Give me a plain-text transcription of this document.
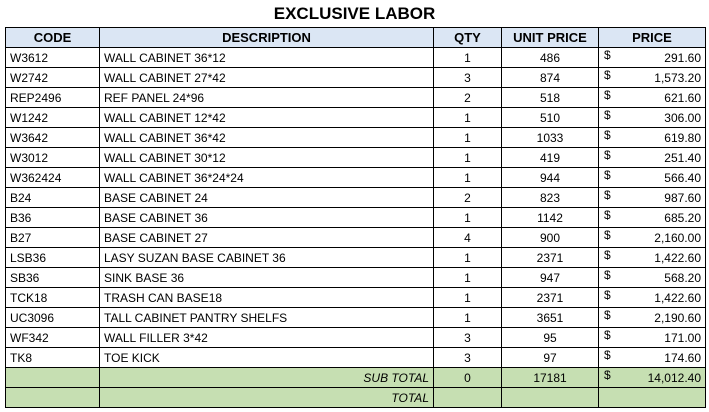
EXCLUSIVE LABOR
CODE	DESCRIPTION	QTY	UNIT PRICE	PRICE
W3612	WALL CABINET 36*12	1	486	$ 291.60

W2742	WALL CABINET 27*42	3	874	$ 1,573.20

REP2496	REF PANEL 24*96	2	518	$ 621.60

W1242	WALL CABINET 12*42	1	510	$ 306.00

W3642	WALL CABINET 36*42	1	1033	$ 619.80

W3012	WALL CABINET 30*12	1	419	$ 251.40

W362424	WALL CABINET 36*24*24	1	944	$ 566.40

B24	BASE CABINET 24	2	823	$ 987.60

B36	BASE CABINET 36	1	1142	$ 685.20

B27	BASE CABINET 27	4	900	$ 2,160.00

LSB36	LASY SUZAN BASE CABINET 36	1	2371	$ 1,422.60

SB36	SINK BASE 36	1	947	$ 568.20

TCK18	TRASH CAN BASE18	1	2371	$ 1,422.60

UC3096	TALL CABINET PANTRY SHELFS	1	3651	$ 2,190.60

WF342	WALL FILLER 3*42	3	95	$ 171.00

TK8	TOE KICK	3	97	$ 174.60

	SUB TOTAL	0	17181	$ 14,012.40

	TOTAL			
